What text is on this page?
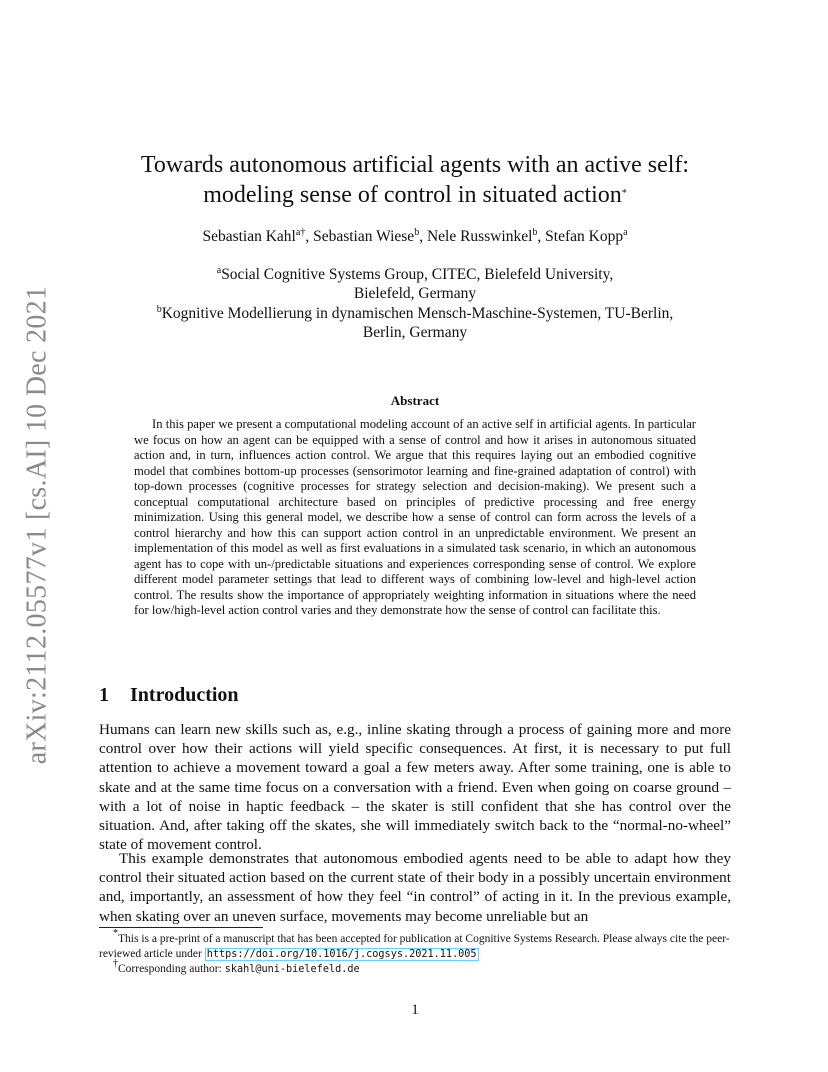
arXiv:2112.05577v1 [cs.AI] 10 Dec 2021
Towards autonomous artificial agents with an active self:
modeling sense of control in situated action*
Sebastian Kahl$^{a\dagger}$, Sebastian Wiese$^b$, Nele Russwinkel$^b$, Stefan Kopp$^a$
$^a$Social Cognitive Systems Group, CITEC, Bielefeld University,
Bielefeld, Germany
$^b$Kognitive Modellierung in dynamischen Mensch-Maschine-Systemen, TU-Berlin,
Berlin, Germany
Abstract

In this paper we present a computational modeling account of an active self in artificial agents. In particular we focus on how an agent can be equipped with a sense of control and how it arises in autonomous situated action and, in turn, influences action control. We argue that this requires laying out an embodied cognitive model that combines bottom-up processes (sensorimotor learning and fine-grained adaptation of control) with top-down processes (cognitive processes for strategy selection and decision-making). We present such a conceptual computational architecture based on principles of predictive processing and free energy minimization. Using this general model, we describe how a sense of control can form across the levels of a control hierarchy and how this can support action control in an unpredictable environment. We present an implementation of this model as well as first evaluations in a simulated task scenario, in which an autonomous agent has to cope with un-/predictable situations and experiences corresponding sense of control. We explore different model parameter settings that lead to different ways of combining low-level and high-level action control. The results show the importance of appropriately weighting information in situations where the need for low/high-level action control varies and they demonstrate how the sense of control can facilitate this.

1 Introduction

Humans can learn new skills such as, e.g., inline skating through a process of gaining more and more control over how their actions will yield specific consequences. At first, it is necessary to put full attention to achieve a movement toward a goal a few meters away. After some training, one is able to skate and at the same time focus on a conversation with a friend. Even when going on coarse ground – with a lot of noise in haptic feedback – the skater is still confident that she has control over the situation. And, after taking off the skates, she will immediately switch back to the “normal-no-wheel” state of movement control.

This example demonstrates that autonomous embodied agents need to be able to adapt how they control their situated action based on the current state of their body in a possibly uncertain environment and, importantly, an assessment of how they feel “in control” of acting in it. In the previous example, when skating over an uneven surface, movements may become unreliable but an

*This is a pre-print of a manuscript that has been accepted for publication at Cognitive Systems Research. Please always cite the peer-reviewed article under https://doi.org/10.1016/j.cogsys.2021.11.005

†Corresponding author: skahl@uni-bielefeld.de

1
